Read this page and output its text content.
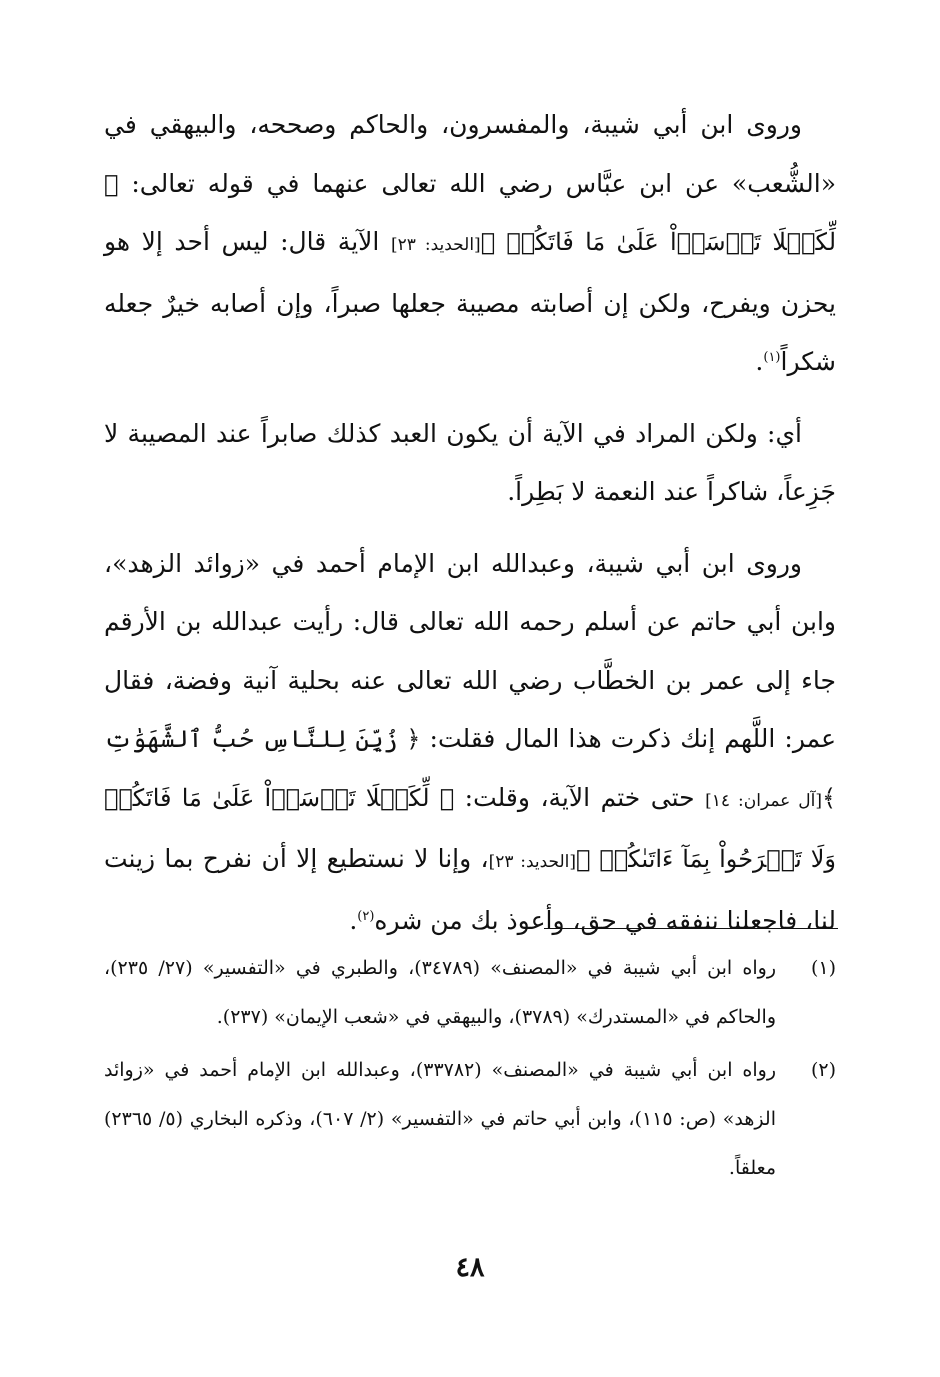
وروى ابن أبي شيبة، والمفسرون، والحاكم وصححه، والبيهقي في «الشُّعب» عن ابن عبَّاس رضي الله تعالى عنهما في قوله تعالى: ﴿ لِّكَيۡلَا تَأۡسَوۡاْ عَلَىٰ مَا فَاتَكُمۡ ﴾[الحديد: ٢٣] الآية قال: ليس أحد إلا هو يحزن ويفرح، ولكن إن أصابته مصيبة جعلها صبراً، وإن أصابه خيرٌ جعله شكراً$^{(١)}$.

أي: ولكن المراد في الآية أن يكون العبد كذلك صابراً عند المصيبة لا جَزِعاً، شاكراً عند النعمة لا بَطِراً.

وروى ابن أبي شيبة، وعبدالله ابن الإمام أحمد في «زوائد الزهد»، وابن أبي حاتم عن أسلم رحمه الله تعالى قال: رأيت عبدالله بن الأرقم جاء إلى عمر بن الخطَّاب رضي الله تعالى عنه بحلية آنية وفضة، فقال عمر: اللَّهم إنك ذكرت هذا المال فقلت: ﴿ زُيِّنَ لِلنَّاسِ حُبُّ ٱلشَّهَوَٰتِ ﴾[آل عمران: ١٤] حتى ختم الآية، وقلت: ﴿ لِّكَيۡلَا تَأۡسَوۡاْ عَلَىٰ مَا فَاتَكُمۡ وَلَا تَفۡرَحُواْ بِمَآ ءَاتَىٰكُمۡ ﴾[الحديد: ٢٣]، وإنا لا نستطيع إلا أن نفرح بما زينت لنا، فاجعلنا ننفقه في حق، وأعوذ بك من شره$^{(٢)}$.

(١)
رواه ابن أبي شيبة في «المصنف» (٣٤٧٨٩)، والطبري في «التفسير» (٢٧/ ٢٣٥)، والحاكم في «المستدرك» (٣٧٨٩)، والبيهقي في «شعب الإيمان» (٢٣٧).
(٢)
رواه ابن أبي شيبة في «المصنف» (٣٣٧٨٢)، وعبدالله ابن الإمام أحمد في «زوائد الزهد» (ص: ١١٥)، وابن أبي حاتم في «التفسير» (٢/ ٦٠٧)، وذكره البخاري (٥/ ٢٣٦٥) معلقاً.
٤٨
